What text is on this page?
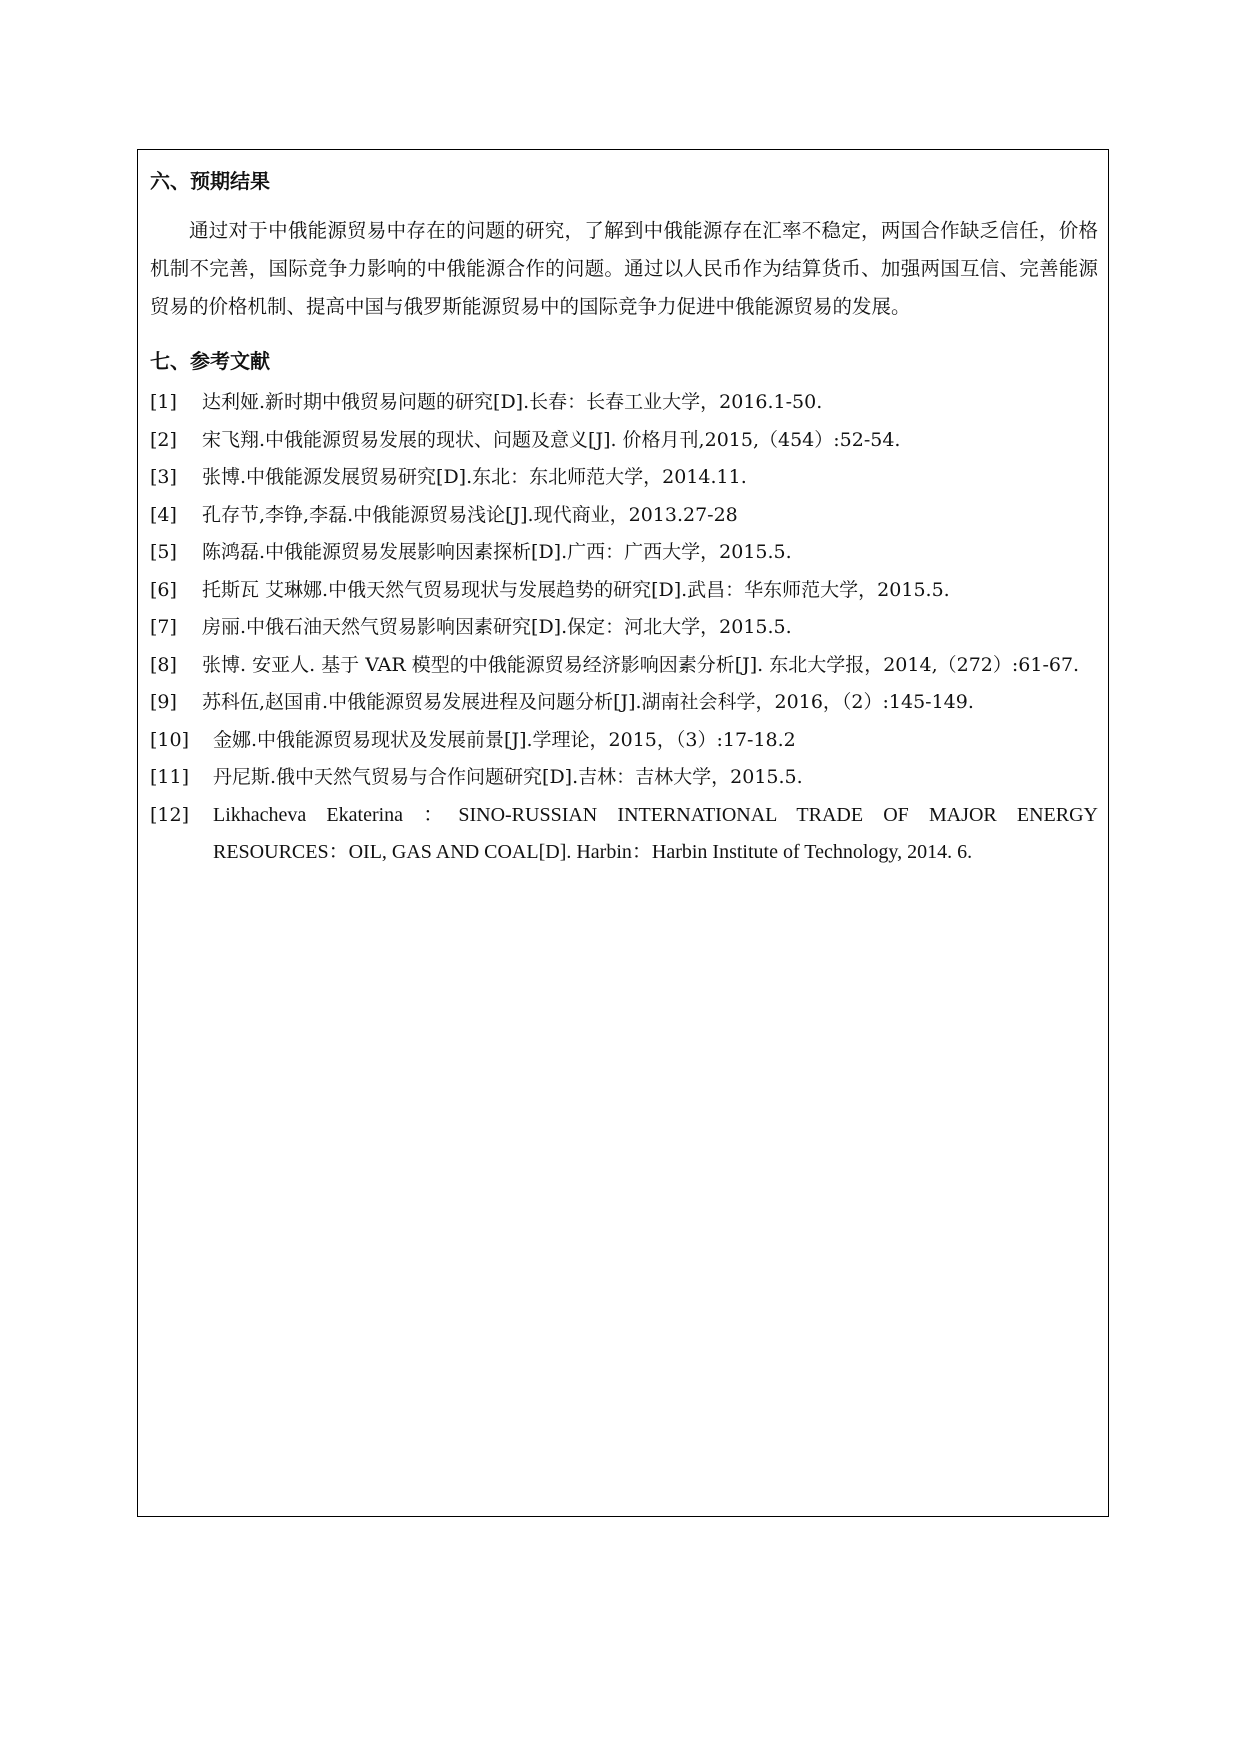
六、预期结果

通过对于中俄能源贸易中存在的问题的研究，了解到中俄能源存在汇率不稳定，两国合作缺乏信任，价格机制不完善，国际竞争力影响的中俄能源合作的问题。通过以人民币作为结算货币、加强两国互信、完善能源贸易的价格机制、提高中国与俄罗斯能源贸易中的国际竞争力促进中俄能源贸易的发展。

七、参考文献
[1]	达利娅.新时期中俄贸易问题的研究[D].长春：长春工业大学，2016.1-50.
[2]	宋飞翔.中俄能源贸易发展的现状、问题及意义[J]. 价格月刊,2015,（454）:52-54.
[3]	张博.中俄能源发展贸易研究[D].东北：东北师范大学，2014.11.
[4]	孔存节,李铮,李磊.中俄能源贸易浅论[J].现代商业，2013.27-28
[5]	陈鸿磊.中俄能源贸易发展影响因素探析[D].广西：广西大学，2015.5.
[6]	托斯瓦 艾琳娜.中俄天然气贸易现状与发展趋势的研究[D].武昌：华东师范大学，2015.5.
[7]	房丽.中俄石油天然气贸易影响因素研究[D].保定：河北大学，2015.5.
[8]	张博. 安亚人. 基于 VAR 模型的中俄能源贸易经济影响因素分析[J]. 东北大学报，2014,（272）:61-67.
[9]	苏科伍,赵国甫.中俄能源贸易发展进程及问题分析[J].湖南社会科学，2016，（2）:145-149.
[10]	金娜.中俄能源贸易现状及发展前景[J].学理论，2015，（3）:17-18.2
[11]	丹尼斯.俄中天然气贸易与合作问题研究[D].吉林：吉林大学，2015.5.
[12]	Likhacheva Ekaterina ：SINO-RUSSIAN INTERNATIONAL TRADE OF MAJOR ENERGY RESOURCES：OIL, GAS AND COAL[D]. Harbin：Harbin Institute of Technology, 2014. 6.
